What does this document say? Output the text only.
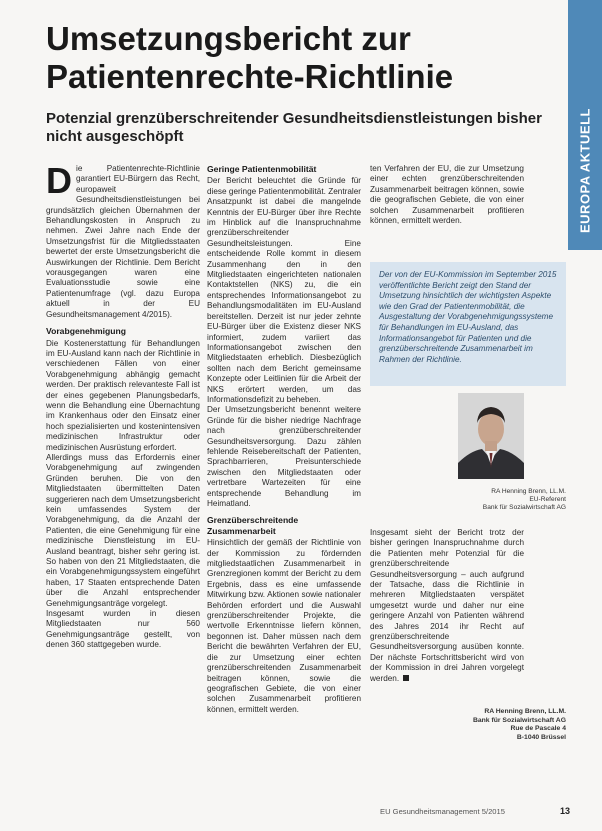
Umsetzungsbericht zur Patientenrechte-Richtlinie
Potenzial grenzüberschreitender Gesundheitsdienstleistungen bisher nicht ausgeschöpft	EUROPA AKTUELL

Die Patientenrechte-Richtlinie garantiert EU-Bürgern das Recht, europaweit Gesundheitsdienstleistungen bei grundsätzlich gleichen Übernahmen der Behandlungskosten in Anspruch zu nehmen. Zwei Jahre nach Ende der Umsetzungsfrist für die Mitgliedsstaaten bewertet der erste Umsetzungsbericht die Auswirkungen der Richtlinie. Dem Bericht vorausgegangen waren eine Evaluationsstudie sowie eine Patientenumfrage (vgl. dazu Europa aktuell in der EU Gesundheitsmanagement 4/2015).

Vorabgenehmigung

Die Kostenerstattung für Behandlungen im EU-Ausland kann nach der Richtlinie in verschiedenen Fällen von einer Vorabgenehmigung abhängig gemacht werden. Der praktisch relevanteste Fall ist der eines gegebenen Planungsbedarfs, wenn die Behandlung eine Übernachtung im Krankenhaus oder den Einsatz einer hoch spezialisierten und kostenintensiven medizinischen Infrastruktur oder medizinischen Ausrüstung erfordert.

Allerdings muss das Erfordernis einer Vorabgenehmigung auf zwingenden Gründen beruhen. Die von den Mitgliedstaaten übermittelten Daten suggerieren nach dem Umsetzungsbericht kein umfassendes System der Vorabgenehmigung, da die Anzahl der Patienten, die eine Genehmigung für eine medizinische Dienstleistung im EU-Ausland beantragt, bisher sehr gering ist. So haben von den 21 Mitgliedstaaten, die ein Vorabgenehmigungssystem eingeführt haben, 17 Staaten entsprechende Daten über die Anzahl entsprechender Genehmigungsanträge vorgelegt.

Insgesamt wurden in diesen Mitgliedstaaten nur 560 Genehmigungsanträge gestellt, von denen 360 stattgegeben wurde.

Geringe Patientenmobilität

Der Bericht beleuchtet die Gründe für diese geringe Patientenmobilität. Zentraler Ansatzpunkt ist dabei die mangelnde Kenntnis der EU-Bürger über ihre Rechte im Hinblick auf die Inanspruchnahme grenzüberschreitender Gesundheitsleistungen. Eine entscheidende Rolle kommt in diesem Zusammenhang den in den Mitgliedstaaten eingerichteten nationalen Kontaktstellen (NKS) zu, die ein entsprechendes Informationsangebot zu Behandlungsmodalitäten im EU-Ausland bereitstellen. Derzeit ist nur jeder zehnte EU-Bürger über die Existenz dieser NKS informiert, zudem variiert das Informationsangebot zwischen den Mitgliedstaaten erheblich. Diesbezüglich sollten nach dem Bericht gemeinsame Konzepte oder Leitlinien für die Arbeit der NKS erörtert werden, um das Informationsdefizit zu beheben.

Der Umsetzungsbericht benennt weitere Gründe für die bisher niedrige Nachfrage nach grenzüberschreitender Gesundheitsversorgung. Dazu zählen fehlende Reisebereitschaft der Patienten, Sprachbarrieren, Preisunterschiede zwischen den Mitgliedstaaten oder vertretbare Wartezeiten für eine entsprechende Behandlung im Heimatland.

Grenzüberschreitende Zusammenarbeit

Hinsichtlich der gemäß der Richtlinie von der Kommission zu fördernden mitgliedstaatlichen Zusammenarbeit in Grenzregionen kommt der Bericht zu dem Ergebnis, dass es eine umfassende Mitwirkung bzw. Aktionen sowie nationaler Behörden erfordert und die Auswahl grenzüberschreitender Projekte, die wertvolle Erkenntnisse liefern können, begonnen ist. Daher müssen nach dem Bericht die bewährten Verfahren der EU, die zur Umsetzung einer echten grenzüberschreitenden Zusammenarbeit beitragen können, sowie die geografischen Gebiete, die von einer solchen Zusammenarbeit profitieren können, ermittelt werden.

ten Verfahren der EU, die zur Umsetzung einer echten grenzüberschreitenden Zusammenarbeit beitragen können, sowie die geografischen Gebiete, die von einer solchen Zusammenarbeit profitieren können, ermittelt werden.

Der von der EU-Kommission im September 2015 veröffentlichte Bericht zeigt den Stand der Umsetzung hinsichtlich der wichtigsten Aspekte wie den Grad der Patientenmobilität, die Ausgestaltung der Vorabgenehmigungssysteme für Behandlungen im EU-Ausland, das Informationsangebot für Patienten und die grenzüberschreitende Zusammenarbeit im Rahmen der Richtlinie.

RA Henning Brenn, LL.M.
EU-Referent
Bank für Sozialwirtschaft AG

Insgesamt sieht der Bericht trotz der bisher geringen Inanspruchnahme durch die Patienten mehr Potenzial für die grenzüberschreitende Gesundheitsversorgung – auch aufgrund der Tatsache, dass die Richtlinie in mehreren Mitgliedstaaten verspätet umgesetzt wurde und daher nur eine geringere Anzahl von Patienten während des Jahres 2014 ihr Recht auf grenzüberschreitende Gesundheitsversorgung ausüben konnte. Der nächste Fortschrittsbericht wird von der Kommission in drei Jahren vorgelegt werden.

RA Henning Brenn, LL.M.
Bank für Sozialwirtschaft AG
Rue de Pascale 4
B-1040 Brüssel
EU Gesundheitsmanagement 5/2015	13
